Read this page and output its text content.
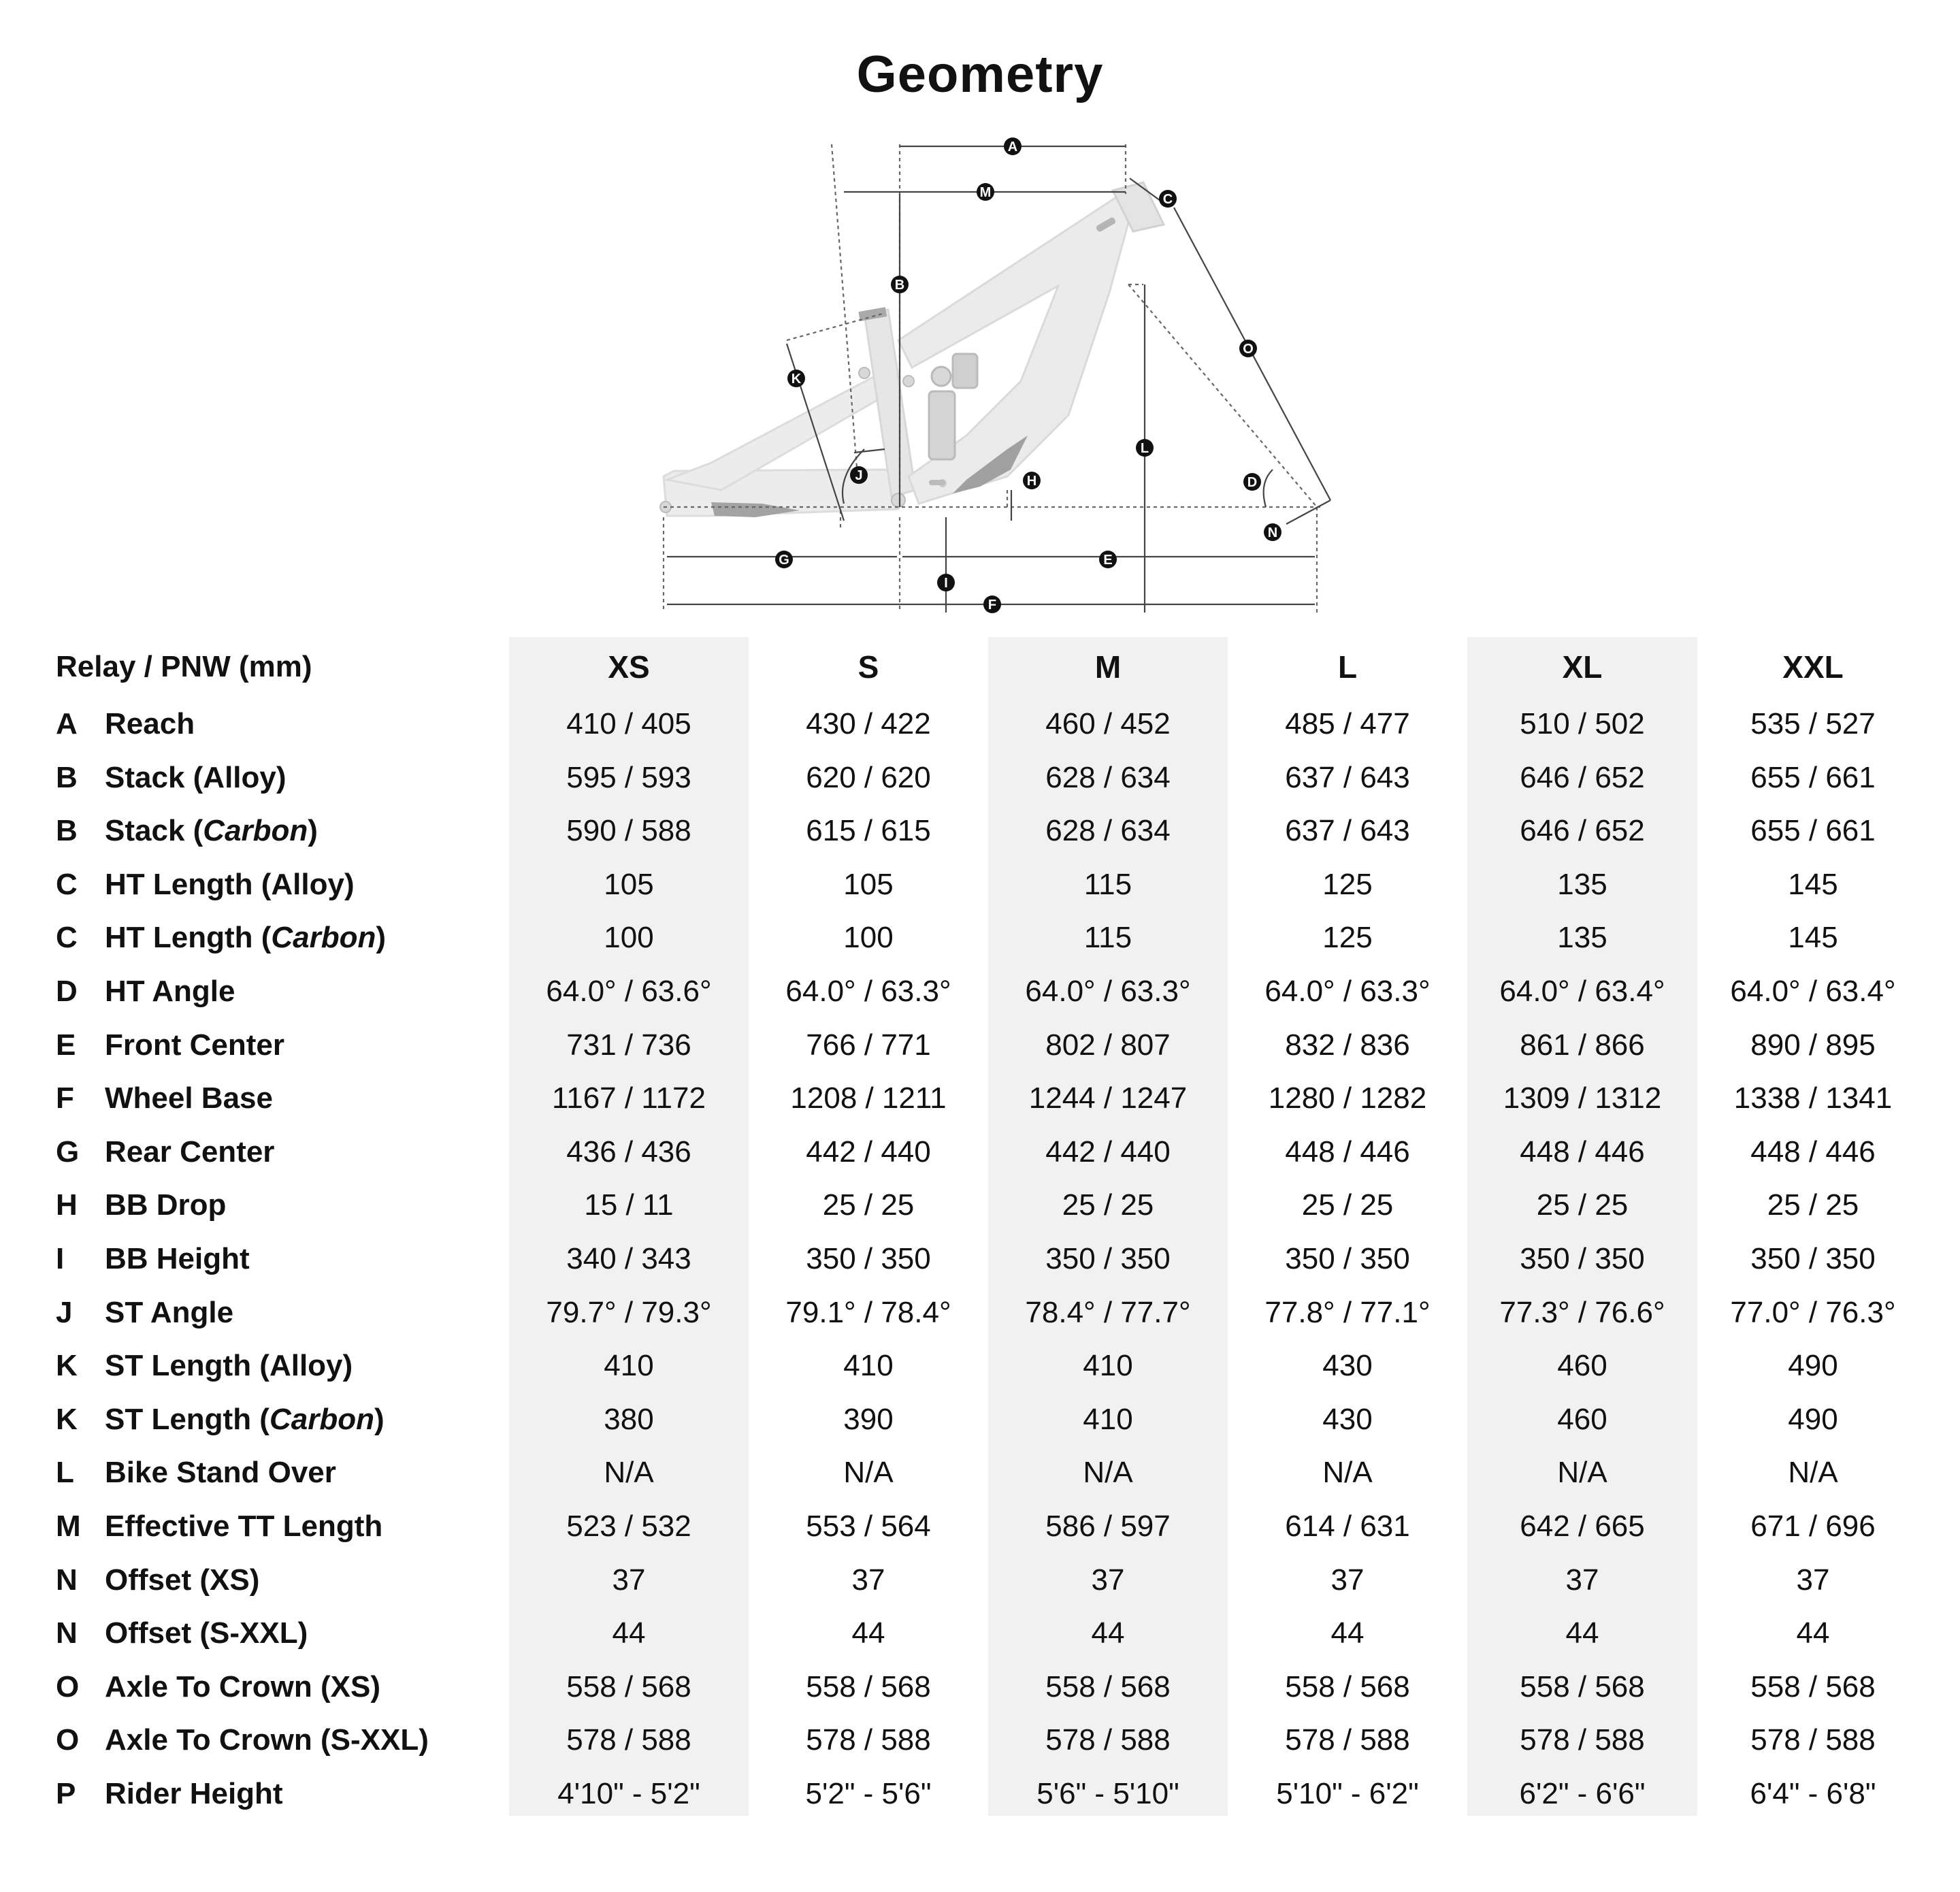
Geometry
A
M	C
B
O
K
L
J	H	D
N
G	E
I
F
Relay / PNW (mm)	XS	S	M	L	XL	XXL
A Reach	410 / 405	430 / 422	460 / 452	485 / 477	510 / 502	535 / 527
B Stack (Alloy)	595 / 593	620 / 620	628 / 634	637 / 643	646 / 652	655 / 661
B Stack (Carbon)	590 / 588	615 / 615	628 / 634	637 / 643	646 / 652	655 / 661
C HT Length (Alloy)	105	105	115	125	135	145
C HT Length (Carbon)	100	100	115	125	135	145
D HT Angle	64.0° / 63.6°	64.0° / 63.3°	64.0° / 63.3°	64.0° / 63.3°	64.0° / 63.4°	64.0° / 63.4°
E Front Center	731 / 736	766 / 771	802 / 807	832 / 836	861 / 866	890 / 895
F Wheel Base	1167 / 1172	1208 / 1211	1244 / 1247	1280 / 1282	1309 / 1312	1338 / 1341
G Rear Center	436 / 436	442 / 440	442 / 440	448 / 446	448 / 446	448 / 446
H BB Drop	15 / 11	25 / 25	25 / 25	25 / 25	25 / 25	25 / 25
I BB Height	340 / 343	350 / 350	350 / 350	350 / 350	350 / 350	350 / 350
J ST Angle	79.7° / 79.3°	79.1° / 78.4°	78.4° / 77.7°	77.8° / 77.1°	77.3° / 76.6°	77.0° / 76.3°
K ST Length (Alloy)	410	410	410	430	460	490
K ST Length (Carbon)	380	390	410	430	460	490
L Bike Stand Over	N/A	N/A	N/A	N/A	N/A	N/A
M Effective TT Length	523 / 532	553 / 564	586 / 597	614 / 631	642 / 665	671 / 696
N Offset (XS)	37	37	37	37	37	37
N Offset (S-XXL)	44	44	44	44	44	44
O Axle To Crown (XS)	558 / 568	558 / 568	558 / 568	558 / 568	558 / 568	558 / 568
O Axle To Crown (S-XXL)	578 / 588	578 / 588	578 / 588	578 / 588	578 / 588	578 / 588
P Rider Height	4'10" - 5'2"	5'2" - 5'6"	5'6" - 5'10"	5'10" - 6'2"	6'2" - 6'6"	6'4" - 6'8"
